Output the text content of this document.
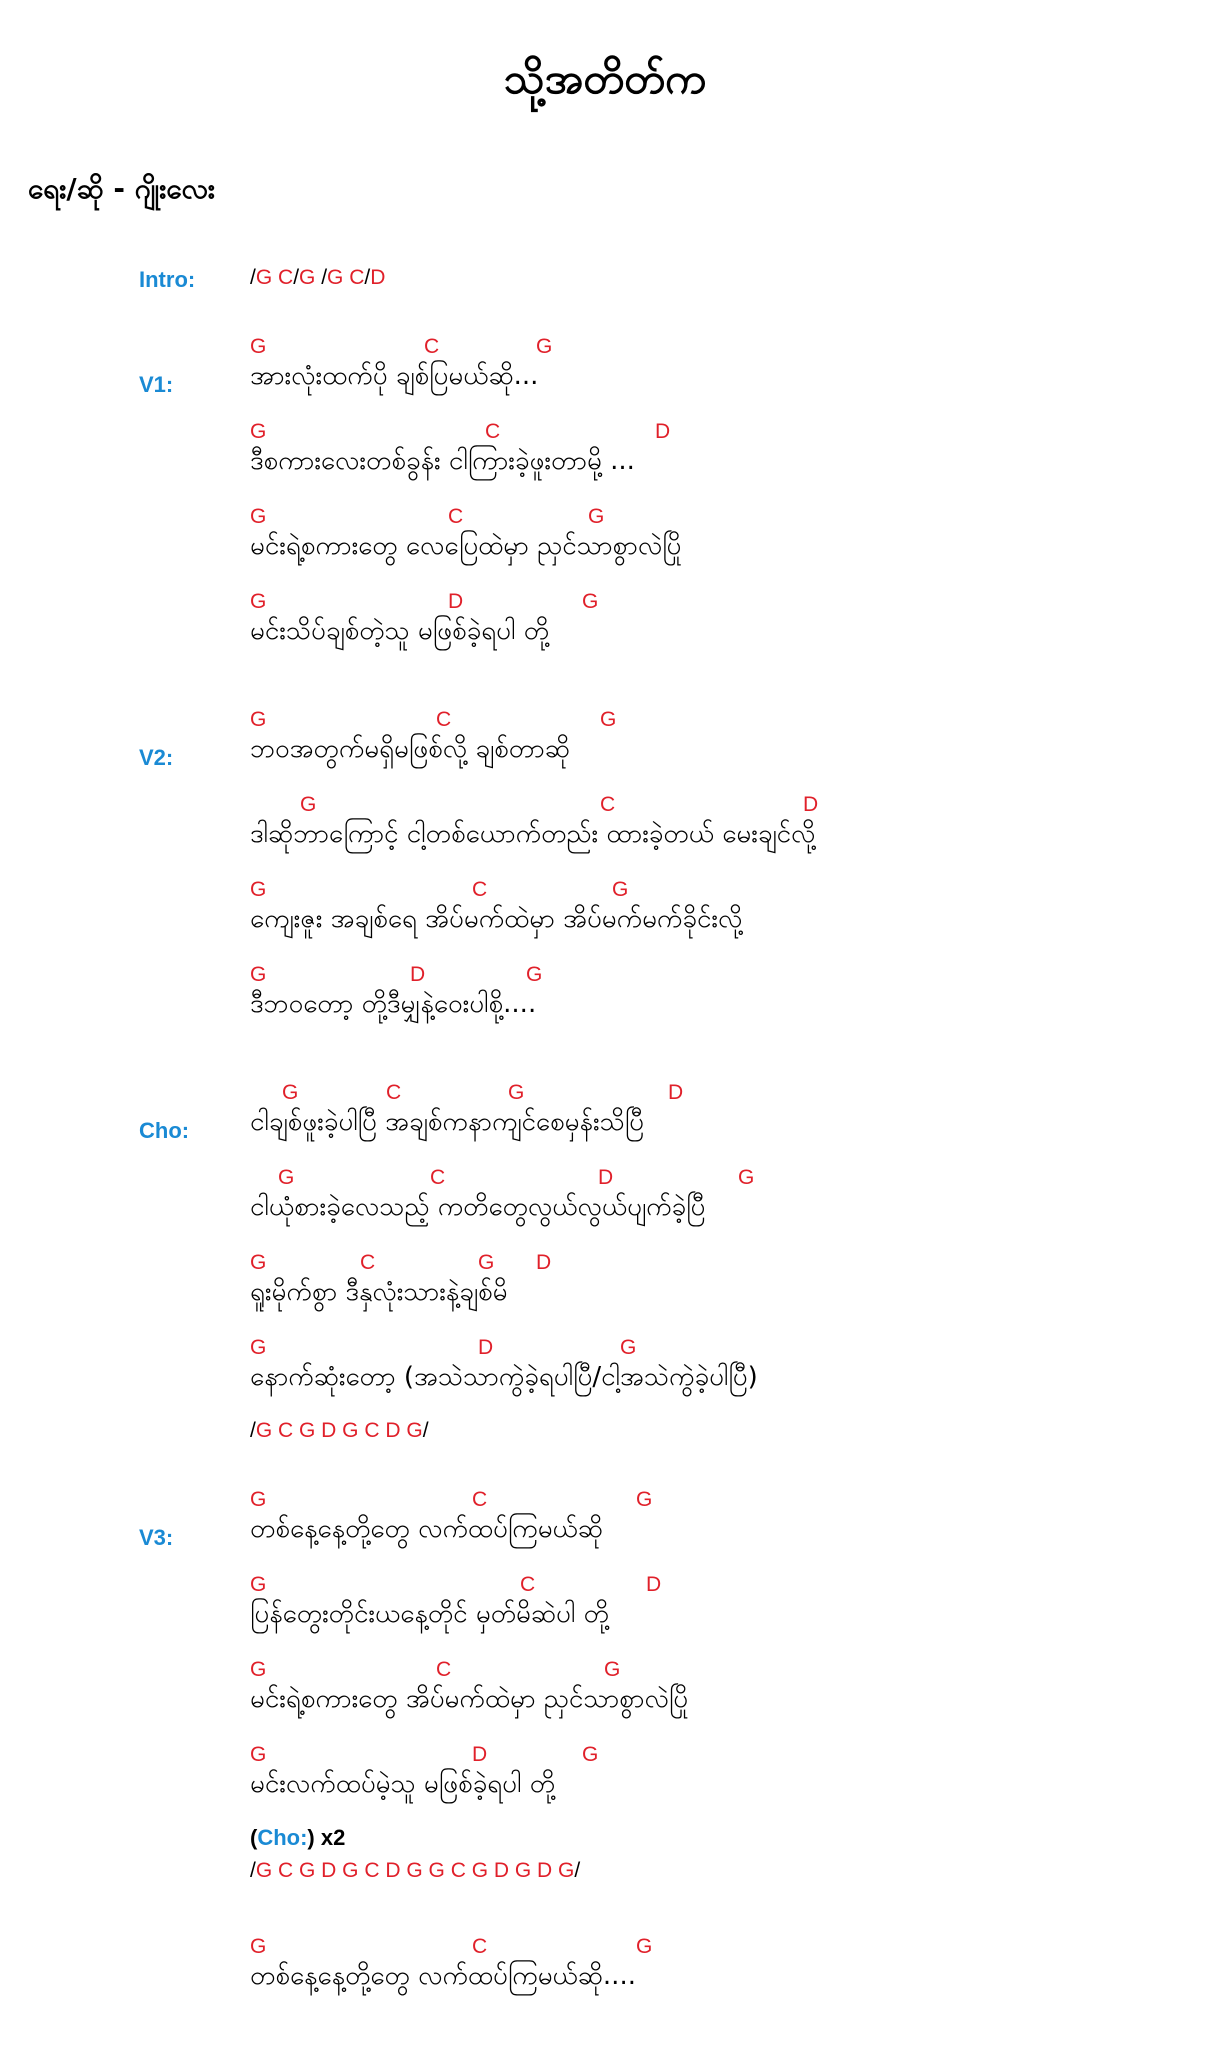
သို့အတိတ်က
ရေး/ဆို - ဂျိုးလေး
Intro:	/G C/G /G C/D
V1:
G	C	G
အားလုံးထက်ပို ချစ်ပြမယ်ဆို...
G	C	D
ဒီစကားလေးတစ်ခွန်း ငါကြားခဲ့ဖူးတာမို့ ...
G	C	G
မင်းရဲ့စကားတွေ လေပြေထဲမှာ ညှင်သာစွာလဲပြို
G	D	G
မင်းသိပ်ချစ်တဲ့သူ မဖြစ်ခဲ့ရပါ တို့
V2:
G	C	G
ဘဝအတွက်မရှိမဖြစ်လို့ ချစ်တာဆို
G	C	D
ဒါဆိုဘာကြောင့် ငါ့တစ်ယောက်တည်း ထားခဲ့တယ် မေးချင်လို့
G	C	G
ကျေးဇူး အချစ်ရေ အိပ်မက်ထဲမှာ အိပ်မက်မက်ခိုင်းလို့
G	D	G
ဒီဘဝတော့ တို့ဒီမျှနဲ့ဝေးပါစို့....
Cho:
G	C	G	D
ငါချစ်ဖူးခဲ့ပါပြီ အချစ်ကနာကျင်စေမှန်းသိပြီ
G	C	D	G
ငါယုံစားခဲ့လေသည့် ကတိတွေလွယ်လွယ်ပျက်ခဲ့ပြီ
G	C	G D
ရူးမိုက်စွာ ဒီနှလုံးသားနဲ့ချစ်မိ
G	D	G
နောက်ဆုံးတော့ (အသဲသာကွဲခဲ့ရပါပြီ/ငါ့အသဲကွဲခဲ့ပါပြီ)
/G C G D G C D G/
V3:
G	C	G
တစ်နေ့နေ့တို့တွေ လက်ထပ်ကြမယ်ဆို
G	C	D
ပြန်တွေးတိုင်းယနေ့တိုင် မှတ်မိဆဲပါ တို့
G	C	G
မင်းရဲ့စကားတွေ အိပ်မက်ထဲမှာ ညှင်သာစွာလဲပြို
G	D	G
မင်းလက်ထပ်မဲ့သူ မဖြစ်ခဲ့ရပါ တို့
(Cho:) x2
/G C G D G C D G G C G D G D G/
G	C	G
တစ်နေ့နေ့တို့တွေ လက်ထပ်ကြမယ်ဆို....
